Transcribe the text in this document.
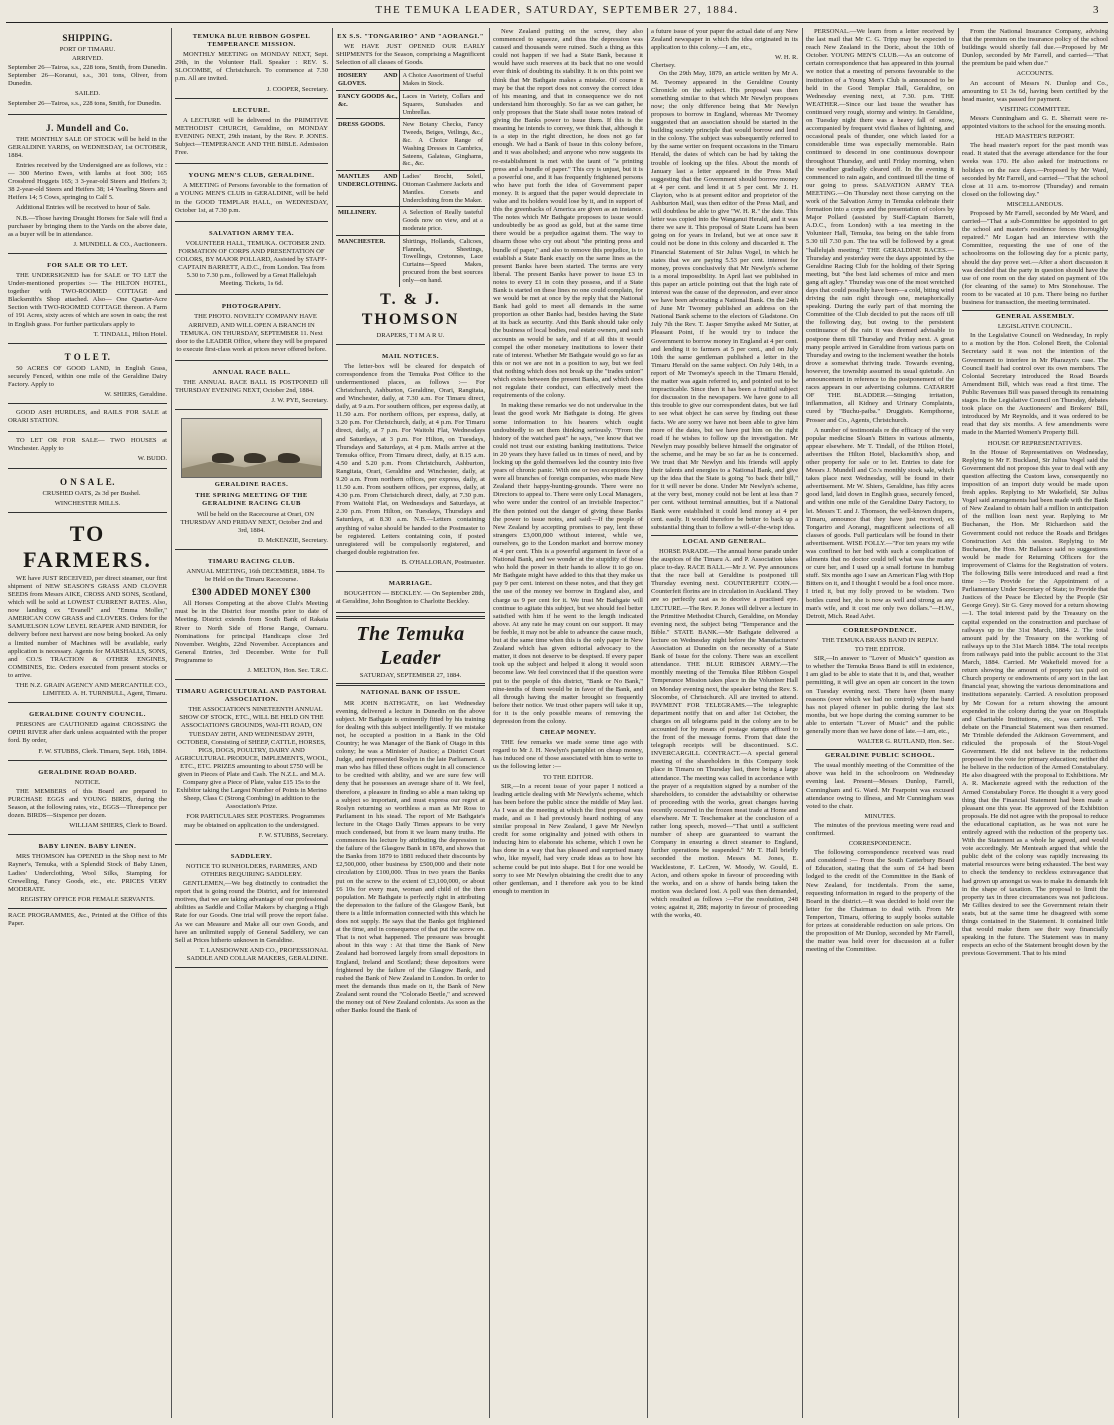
THE TEMUKA LEADER, SATURDAY, SEPTEMBER 27, 1884.	3
SHIPPING.
PORT OF TIMARU.
ARRIVED.

September 26—Tairoa, s.s., 228 tons, Smith, from Dunedin. September 26—Koranui, s.s., 301 tons, Oliver, from Dunedin.

SAILED.

September 26—Tairoa, s.s., 228 tons, Smith, for Dunedin.

J. Mundell and Co.

THE MONTHLY SALE OF STOCK will be held in the GERALDINE YARDS, on WEDNESDAY, 1st OCTOBER, 1884.

Entries received by the Undersigned are as follows, viz :— 300 Merino Ewes, with lambs at foot 300; 165 Crossbred Hoggets 165; 3 3-year-old Steers and Heifers 3; 38 2-year-old Steers and Heifers 38; 14 Yearling Steers and Heifers 14; 5 Cows, springing to Calf 5.

Additional Entries will be received to hour of Sale.

N.B.—Those having Draught Horses for Sale will find a purchaser by bringing them to the Yards on the above date, as a buyer will be in attendance.

J. MUNDELL & CO., Auctioneers.
FOR SALE OR TO LET.

THE UNDERSIGNED has for SALE or TO LET the Under-mentioned properties :— The HILTON HOTEL, together with TWO-ROOMED COTTAGE and Blacksmith's Shop attached. Also— One Quarter-Acre Section with TWO-ROOMED COTTAGE thereon. A Farm of 191 Acres, sixty acres of which are sown in oats; the rest in English grass. For further particulars apply to

T. TINDALL, Hilton Hotel.
T O L E T.

50 ACRES OF GOOD LAND, in English Grass, securely Fenced, within one mile of the Geraldine Dairy Factory. Apply to

W. SHIERS, Geraldine.

GOOD ASH HURDLES, and RAILS FOR SALE at ORARI STATION.

TO LET OR FOR SALE— TWO HOUSES at Winchester. Apply to

W. BUDD.
O N S A L E.

CRUSHED OATS, 2s 3d per Bushel.

WINCHESTER MILLS.
TO FARMERS.

WE have JUST RECEIVED, per direct steamer, our first shipment of NEW SEASON'S GRASS AND CLOVER SEEDS from Messrs AIKE, CROSS AND SONS, Scotland, which will be sold at LOWEST CURRENT RATES. Also, now landing ex "Evanell" and "Emma Moller," AMERICAN COW GRASS and CLOVERS. Orders for the SAMUELSON LOW LEVEL REAPER AND BINDER, for delivery before next harvest are now being booked. As only a limited number of Machines will be available, early application is necessary. Agents for MARSHALLS, SONS, and CO.'S TRACTION & OTHER ENGINES, COMBINES, Etc. Orders executed from present stocks or to arrive.

THE N.Z. GRAIN AGENCY AND MERCANTILE CO., LIMITED. A. H. TURNBULL, Agent, Timaru.
GERALDINE COUNTY COUNCIL.

PERSONS are CAUTIONED against CROSSING the OPIHI RIVER after dark unless acquainted with the proper ford. By order,

F. W. STUBBS, Clerk. Timaru, Sept. 16th, 1884.
GERALDINE ROAD BOARD.
NOTICE.

THE MEMBERS of this Board are prepared to PURCHASE EGGS and YOUNG BIRDS, during the Season, at the following rates, viz., EGGS—Threepence per dozen. BIRDS—Sixpence per dozen.

WILLIAM SHIERS, Clerk to Board.
BABY LINEN. BABY LINEN.

MRS THOMSON has OPENED in the Shop next to Mr Rayner's, Temuka, with a Splendid Stock of Baby Linen, Ladies' Underclothing, Wool Silks, Stamping for Crewelling, Fancy Goods, etc., etc. PRICES VERY MODERATE.

REGISTRY OFFICE FOR FEMALE SERVANTS.

RACE PROGRAMMES, &c., Printed at the Office of this Paper.

TEMUKA BLUE RIBBON GOSPEL TEMPERANCE MISSION.

MONTHLY MEETING on MONDAY NEXT, Sept. 29th, in the Volunteer Hall. Speaker : REV. S. SLOCOMBE, of Christchurch. To commence at 7.30 p.m. All are invited.

J. COOPER, Secretary.
LECTURE.

A LECTURE will be delivered in the PRIMITIVE METHODIST CHURCH, Geraldine, on MONDAY EVENING NEXT, 29th instant, by the Rev. P. JONES. Subject—TEMPERANCE AND THE BIBLE. Admission Free.

YOUNG MEN'S CLUB, GERALDINE.

A MEETING of Persons favorable to the formation of a YOUNG MEN'S CLUB in GERALDINE, will be held in the GOOD TEMPLAR HALL, on WEDNESDAY, October 1st, at 7.30 p.m.

SALVATION ARMY TEA.

VOLUNTEER HALL, TEMUKA. OCTOBER 2ND. FORMATION OF CORPS AND PRESENTATION OF COLORS, BY MAJOR POLLARD, Assisted by STAFF-CAPTAIN BARRETT, A.D.C., from London. Tea from 5.30 to 7.30 p.m., followed by a Great Hallelujah Meeting. Tickets, 1s 6d.

PHOTOGRAPHY.

THE PHOTO. NOVELTY COMPANY HAVE ARRIVED, AND WILL OPEN A BRANCH IN TEMUKA. ON THURSDAY, SEPTEMBER 11. Next door to the LEADER Office, where they will be prepared to execute first-class work at prices never offered before.

ANNUAL RACE BALL.

THE ANNUAL RACE BALL IS POSTPONED till THURSDAY EVENING NEXT, October 2nd, 1884.

J. W. PYE, Secretary.
GERALDINE RACES.
THE SPRING MEETING OF THE GERALDINE RACING CLUB

Will be held on the Racecourse at Orari, ON THURSDAY AND FRIDAY NEXT, October 2nd and 3rd, 1884.

D. McKENZIE, Secretary.
TIMARU RACING CLUB.

ANNUAL MEETING, 16th DECEMBER, 1884. To be Held on the Timaru Racecourse.

£300 ADDED MONEY £300

All Horses Competing at the above Club's Meeting must be in the District four months prior to date of Meeting. District extends from South Bank of Rakaia River to North Side of Horse Range, Oamaru. Nominations for principal Handicaps close 3rd November. Weights, 22nd November. Acceptances and General Entries, 3rd December. Write for Full Programme to

J. MELTON, Hon. Sec. T.R.C.
TIMARU AGRICULTURAL AND PASTORAL ASSOCIATION.

THE ASSOCIATION'S NINETEENTH ANNUAL SHOW OF STOCK, ETC., WILL BE HELD ON THE ASSOCIATION'S GROUNDS, WAI-ITI ROAD, ON TUESDAY 28TH, AND WEDNESDAY 29TH, OCTOBER, Consisting of SHEEP, CATTLE, HORSES, PIGS, DOGS, POULTRY, DAIRY AND AGRICULTURAL PRODUCE, IMPLEMENTS, WOOL, ETC., ETC. PRIZES amounting to about £750 will be given in Pieces of Plate and Cash. The N.Z.L. and M.A. Company give a Piece of Plate, value £15 15s to the Exhibitor taking the Largest Number of Points in Merino Sheep, Class C (Strong Combing) in addition to the Association's Prize.

FOR PARTICULARS SEE POSTERS. Programmes may be obtained on application to the undersigned.

F. W. STUBBS, Secretary.
SADDLERY.
NOTICE TO RUNHOLDERS, FARMERS, AND OTHERS REQUIRING SADDLERY.

GENTLEMEN,—We beg distinctly to contradict the report that is going round the District, and for interested motives, that we are taking advantage of our professional abilities as Saddle and Collar Makers by charging a High Rate for our Goods. One trial will prove the report false. As we can Measure and Make all our own Goods, and have an unlimited supply of General Saddlery, we can Sell at Prices hitherto unknown in Geraldine.

T. LANSDOWNE AND CO., PROFESSIONAL SADDLE AND COLLAR MAKERS, GERALDINE.
EX S.S. "TONGARIRO" AND "AORANGI."

WE HAVE JUST OPENED OUR EARLY SHIPMENTS for the Season, comprising a Magnificent Selection of all classes of Goods.

HOSIERY AND GLOVES.	A Choice Assortment of Useful Makes in Stock.
FANCY GOODS &c., &c.	Laces in Variety, Collars and Squares, Sunshades and Umbrellas.
DRESS GOODS.	New Botany Checks, Fancy Tweeds, Beiges, Veilings, &c., &c. A Choice Range of Washing Dresses in Cambrics, Sateens, Galateas, Ginghams, &c., &c.
MANTLES AND UNDERCLOTHING.	Ladies' Brocht, Soleil, Ottoman Cashmere Jackets and Mantles. Corsets and Underclothing from the Maker.
MILLINERY.	A Selection of Really tasteful Goods now on view, and at a moderate price.
MANCHESTER.	Shirtings, Hollands, Calicoes, Flannels, Sheetings, Towellings, Cretonnes, Lace Curtains—Speed Makes, procured from the best sources only—on hand.
T. & J. THOMSON
DRAPERS, T I M A R U.
MAIL NOTICES.

The letter-box will be cleared for despatch of correspondence from the Temuka Post Office to the undermentioned places, as follows :— For Christchurch, Ashburton, Geraldine, Orari, Rangitata, and Winchester, daily, at 7.30 a.m. For Timaru direct, daily, at 9 a.m. For southern offices, per express daily, at 11.50 a.m. For northern offices, per express, daily, at 3.20 p.m. For Christchurch, daily, at 4 p.m. For Timaru direct, daily, at 7 p.m. For Waitohi Flat, Wednesdays and Saturdays, at 3 p.m. For Hilton, on Tuesdays, Thursdays and Saturdays, at 4 p.m. Mails arrive at the Temuka office, From Timaru direct, daily, at 8.15 a.m. 4.50 and 5.20 p.m. From Christchurch, Ashburton, Rangitata, Orari, Geraldine and Winchester, daily, at 9.20 a.m. From northern offices, per express, daily, at 11.50 a.m. From southern offices, per express, daily, at 4.30 p.m. From Christchurch direct, daily, at 7.30 p.m. From Waitohi Flat, on Wednesdays and Saturdays, at 2.30 p.m. From Hilton, on Tuesdays, Thursdays and Saturdays, at 8.30 a.m. N.B.—Letters containing anything of value should be handed to the Postmaster to be registered. Letters containing coin, if posted unregistered will be compulsorily registered, and charged double registration fee.

B. O'HALLORAN, Postmaster.
MARRIAGE.

BOUGHTON — BECKLEY. — On September 28th, at Geraldine, John Boughton to Charlotte Beckley.

The Temuka Leader
SATURDAY, SEPTEMBER 27, 1884.
NATIONAL BANK OF ISSUE.

MR JOHN BATHGATE, on last Wednesday evening, delivered a lecture in Dunedin on the above subject. Mr Bathgate is eminently fitted by his training for dealing with this subject intelligently. If we mistake not, he occupied a position in a Bank in the Old Country; he was Manager of the Bank of Otago in this colony; he was a Minister of Justice; a District Court Judge, and represented Roslyn in the late Parliament. A man who has filled these offices ought in all conscience to be credited with ability, and we are sure few will deny that he possesses an average share of it. We feel, therefore, a pleasure in finding so able a man taking up a subject so important, and must express our regret at Roslyn returning so worthless a man as Mr Ross to Parliament in his stead. The report of Mr Bathgate's lecture in the Otago Daily Times appears to be very much condensed, but from it we learn many truths. He commences his lecture by attributing the depression to the failure of the Glasgow Bank in 1878, and shows that the Banks from 1879 to 1881 reduced their discounts by £2,500,000, other business by £500,000 and their note circulation by £100,000. Thus in two years the Banks put on the screw to the extent of £3,100,000, or about £6 10s for every man, woman and child of the then population. Mr Bathgate is perfectly right in attributing the depression to the failure of the Glasgow Bank, but there is a little information connected with this which he does not supply. He says that the Banks got frightened at the time, and in consequence of that put the screw on. That is not what happened. The pressure was brought about in this way : At that time the Bank of New Zealand had borrowed largely from small depositors in England, Ireland and Scotland; these depositors were frightened by the failure of the Glasgow Bank, and rushed the Bank of New Zealand in London. In order to meet the demands thus made on it, the Bank of New Zealand sent round the "Colorado Beetle," and screwed the money out of New Zealand colonists. As soon as the other Banks found the Bank of

New Zealand putting on the screw, they also commenced to squeeze, and thus the depression was caused and thousands were ruined. Such a thing as this could not happen if we had a State Bank, because it would have such reserves at its back that no one would ever think of doubting its stability. It is on this point we think that Mr Bathgate makes a mistake. Of course it may be that the report does not convey the correct idea of his meaning, and that in consequence we do not understand him thoroughly. So far as we can gather, he only proposes that the State shall issue notes instead of giving the Banks power to issue them. If this is the meaning he intends to convey, we think that, although it is a step in the right direction, he does not go far enough. We had a Bank of Issue in this colony before, and it was abolished; and anyone who now suggests its re-establishment is met with the taunt of "a printing press and a bundle of paper." This cry is unjust, but it is a powerful one, and it has frequently frightened persons who have put forth the idea of Government paper money. It is argued that the paper would depreciate in value and its holders would lose by it, and in support of this the greenbacks of America are given as an instance. The notes which Mr Bathgate proposes to issue would undoubtedly be as good as gold, but at the same time there would be a prejudice against them. The way to disarm those who cry out about "the printing press and bundle of paper," and also to remove this prejudice, is to establish a State Bank exactly on the same lines as the present Banks have been started. The terms are very liberal. The present Banks have power to issue £3 in notes to every £1 in coin they possess, and if a State Bank is started on these lines no one could complain, for we would be met at once by the reply that the National Bank had gold to meet all demands in the same proportion as other Banks had, besides having the State at its back as security. And this Bank should take only the business of local bodies, real estate owners, and such accounts as would be safe, and if at all this it would compel the other monetary institutions to lower their rate of interest. Whether Mr Bathgate would go so far as this or not we are not in a position to say, but we feel that nothing which does not break up the "trades union" which exists between the present Banks, and which does not regulate their conduct, can effectively meet the requirements of the colony.

In making these remarks we do not undervalue in the least the good work Mr Bathgate is doing. He gives some information to his hearers which ought undoubtedly to set them thinking seriously. "From the history of the watched past" he says, "we know that we could not trust our existing banking institutions. Twice in 20 years they have failed us in times of need, and by locking up the gold themselves led the country into five years of chronic panic. With one or two exceptions they were all branches of foreign companies, who made New Zealand their happy-hunting-grounds. There were no Directors to appeal to. There were only Local Managers, who were under the control of an invisible Inspector." He then pointed out the danger of giving these Banks the power to issue notes, and said:—If the people of New Zealand by accepting promises to pay, lent these strangers £3,000,000 without interest, while we, ourselves, go to the London market and borrow money at 4 per cent. This is a powerful argument in favor of a National Bank, and we wonder at the stupidity of those who hold the power in their hands to allow it to go on. Mr Bathgate might have added to this that they make us pay 9 per cent. interest on these notes, and that they get the use of the money we borrow in England also, and charge us 9 per cent for it. We trust Mr Bathgate will continue to agitate this subject, but we should feel better satisfied with him if he went to the length indicated above. At any rate he may count on our support. It may be feeble, it may not be able to advance the cause much, but at the same time when this is the only paper in New Zealand which has given editorial advocacy to the matter, it does not deserve to be despised. If every paper took up the subject and helped it along it would soon become law. We feel convinced that if the question were put to the people of this district, "Bank or No Bank," nine-tenths of them would be in favor of the Bank, and all through having the matter brought so frequently before their notice. We trust other papers will take it up, for it is the only possible means of removing the depression from the colony.

CHEAP MONEY.

THE few remarks we made some time ago with regard to Mr J. H. Newlyn's pamphlet on cheap money, has induced one of those associated with him to write to us the following letter :—

TO THE EDITOR.

SIR,—In a recent issue of your paper I noticed a leading article dealing with Mr Newlyn's scheme, which has been before the public since the middle of May last. As I was at the meeting at which the first proposal was made, and as I had previously heard nothing of any similar proposal in New Zealand, I gave Mr Newlyn credit for some originality and joined with others in inducing him to elaborate his scheme, which I own he has done in a way that has pleased and surprised many who, like myself, had very crude ideas as to how his scheme could be put into shape. But I for one would be sorry to see Mr Newlyn obtaining the credit due to any other gentleman, and I therefore ask you to be kind enough to mention in

a future issue of your paper the actual date of any New Zealand newspaper in which the idea originated in its application to this colony.—I am, etc.,

W. H. R.
Chertsey.

On the 29th May, 1879, an article written by Mr A. M. Twomey appeared in the Geraldine County Chronicle on the subject. His proposal was then something similar to that which Mr Newlyn proposes now; the only difference being that Mr Newlyn proposes to borrow in England, whereas Mr Twomey suggested that an association should be started in the building society principle that would borrow and lend in the colony. The subject was subsequently referred to by the same writer on frequent occasions in the Timaru Herald, the dates of which can be had by taking the trouble of looking up the files. About the month of January last a letter appeared in the Press Mail suggesting that the Government should borrow money at 4 per cent. and lend it at 5 per cent. Mr J. H. Clayton, who is at present editor and proprietor of the Ashburton Mail, was then editor of the Press Mail, and will doubtless be able to give "W. H. R." the date. This letter was copied into the Wanganui Herald, and it was there we saw it. This proposal of State Loans has been going on for years in Ireland, but we at once saw it could not be done in this colony and discarded it. The Financial Statement of Sir Julius Vogel, in which he states that we are paying 5.53 per cent. interest for money, proves conclusively that Mr Newlyn's scheme is a moral impossibility. In April last we published in this paper an article pointing out that the high rate of interest was the cause of the depression, and ever since we have been advocating a National Bank. On the 24th of June Mr Twomey published an address on the National Bank scheme to the electors of Gladstone. On July 7th the Rev. T. Jasper Smythe asked Mr Sutter, at Pleasant Point, if he would try to induce the Government to borrow money in England at 4 per cent. and lending it to farmers at 5 per cent., and on July 10th the same gentleman published a letter in the Timaru Herald on the same subject. On July 14th, in a report of Mr Twomey's speech in the Timaru Herald, the matter was again referred to, and pointed out to be impracticable. Since then it has been a fruitful subject for discussion in the newspapers. We have gone to all this trouble to give our correspondent dates, but we fail to see what object he can serve by finding out these facts. We are sorry we have not been able to give him more of the dates, but we have put him on the right road if he wishes to follow up the investigation. Mr Newlyn may possibly believe himself the originator of the scheme, and he may be so far as he is concerned. We trust that Mr Newlyn and his friends will apply their talents and energies to a National Bank, and give up the idea that the State is going "to back their bill," for it will never be done. Under Mr Newlyn's scheme, at the very best, money could not be lent at less than 7 per cent. without terminal annuities, but if a National Bank were established it could lend money at 4 per cent. easily. It would therefore be better to back up a substantial thing than to follow a will-o'-the-wisp idea.

LOCAL AND GENERAL.

HORSE PARADE.—The annual horse parade under the auspices of the Timaru A. and P. Association takes place to-day. RACE BALL.—Mr J. W. Pye announces that the race ball at Geraldine is postponed till Thursday evening next. COUNTERFEIT COIN.—Counterfeit florins are in circulation in Auckland. They are so perfectly cast as to deceive a practised eye. LECTURE.—The Rev. P. Jones will deliver a lecture in the Primitive Methodist Church, Geraldine, on Monday evening next, the subject being "Temperance and the Bible." STATE BANK.—Mr Bathgate delivered a lecture on Wednesday night before the Manufacturers' Association at Dunedin on the necessity of a State Bank of Issue for the colony. There was an excellent attendance. THE BLUE RIBBON ARMY.—The monthly meeting of the Temuka Blue Ribbon Gospel Temperance Mission takes place in the Volunteer Hall on Monday evening next, the speaker being the Rev. S. Slocombe, of Christchurch. All are invited to attend. PAYMENT FOR TELEGRAMS.—The telegraphic department notify that on and after 1st October, the charges on all telegrams paid in the colony are to be accounted for by means of postage stamps affixed to the front of the message forms. From that date the telegraph receipts will be discontinued. S.C. INVERCARGILL CONTRACT.—A special general meeting of the shareholders in this Company took place in Timaru on Thursday last, there being a large attendance. The meeting was called in accordance with the prayer of a requisition signed by a number of the shareholders, to consider the advisability or otherwise of proceeding with the works, great changes having recently occurred in the frozen meat trade at Home and elsewhere. Mr T. Teschemaker at the conclusion of a rather long speech, moved—"That until a sufficient number of sheep are guaranteed to warrant the Company in ensuring a direct steamer to England, further operations be suspended." Mr T. Hall briefly seconded the motion. Messrs M. Jones, E. Wacklestone, F. LeCren, W. Moody, W. Gould, E. Acton, and others spoke in favour of proceeding with the works, and on a show of hands being taken the motion was declared lost. A poll was then demanded, which resulted as follows :—For the resolution, 248 votes; against it, 288; majority in favour of proceeding with the works, 40.

PERSONAL.—We learn from a letter received by the last mail that Mr C. G. Tripp may be expected to reach New Zealand in the Doric, about the 10th of October. YOUNG MEN'S CLUB.—As an outcome of certain correspondence that has appeared in this journal we notice that a meeting of persons favourable to the institution of a Young Men's Club is announced to be held in the Good Templar Hall, Geraldine, on Wednesday evening next, at 7.30. p.m. THE WEATHER.—Since our last issue the weather has continued very rough, stormy and wintry. In Geraldine, on Tuesday night there was a heavy fall of snow, accompanied by frequent vivid flashes of lightning, and occasional peals of thunder, one which lasted for a considerable time was especially memorable. Rain continued to descend in one continuous downpour throughout Thursday, and until Friday morning, when the weather gradually cleared off. In the evening it commenced to rain again, and continued till the time of our going to press. SALVATION ARMY TEA MEETING.—On Thursday next those carrying on the work of the Salvation Army in Temuka celebrate their formation into a corps and the presentation of colors by Major Pollard (assisted by Staff-Captain Barrett, A.D.C., from London) with a tea meeting in the Volunteer Hall, Temuka, tea being on the table from 5.30 till 7.30 p.m. The tea will be followed by a great "hallelujah meeting." THE GERALDINE RACES.—Thursday and yesterday were the days appointed by the Geraldine Racing Club for the holding of their Spring meeting, but "the best laid schemes of mice and men gang aft agley." Thursday was one of the most wretched days that could possibly have been—a cold, biting wind driving the rain right through one, metaphorically speaking. During the early part of that morning the Committee of the Club decided to put the races off till the following day, but owing to the persistent continuance of the rain it was deemed advisable to postpone them till Thursday and Friday next. A great many people arrived in Geraldine from various parts on Thursday and owing to the inclement weather the hotels drove a somewhat thriving trade. Towards evening, however, the township assumed its usual quietude. An announcement in reference to the postponement of the races appears in our advertising columns. CATARRH OF THE BLADDER.—Stinging irritation, inflammation, all Kidney and Urinary Complaints, cured by "Buchu-paiba." Druggists. Kempthorne, Prosser and Co., Agents, Christchurch.

A number of testimonials re the efficacy of the very popular medicine Sloan's Bitters in various ailments, appear elsewhere. Mr T. Tindall, of the Hilton Hotel, advertises the Hilton Hotel, blacksmith's shop, and other property for sale or to let. Entries to date for Messrs J. Mundell and Co.'s monthly stock sale, which takes place next Wednesday, will be found in their advertisement. Mr W. Shiers, Geraldine, has fifty acres good land, laid down in English grass, securely fenced, and within one mile of the Geraldine Dairy Factory, to let. Messrs T. and J. Thomson, the well-known drapers, Timaru, announce that they have just received, ex Tongariro and Aorangi, magnificent selections of all classes of goods. Full particulars will be found in their advertisement. WISE FOLLY.—"For ten years my wife was confined to her bed with such a complication of ailments that no doctor could tell what was the matter or cure her, and I used up a small fortune in humbug stuff. Six months ago I saw an American Flag with Hop Bitters on it, and I thought I would be a fool once more. I tried it, but my folly proved to be wisdom. Two bottles cured her, she is now as well and strong as any man's wife, and it cost me only two dollars."—H.W., Detroit, Mich. Read Advt.

CORRESPONDENCE.
THE TEMUKA BRASS BAND IN REPLY.
TO THE EDITOR.

SIR,—In answer to "Lover of Music's" question as to whether the Temuka Brass Band is still in existence, I am glad to be able to state that it is, and that, weather permitting, it will give an open air concert in the town on Tuesday evening next. There have (been many reasons (over which we had no control) why the band has not played oftener in public during the last six months, but we hope during the coming summer to be able to entertain "Lover of Music" and the public generally more than we have done of late.—I am, etc.,

WALTER G. RUTLAND, Hon. Sec.
GERALDINE PUBLIC SCHOOL.

The usual monthly meeting of the Committee of the above was held in the schoolroom on Wednesday evening last. Present—Messrs Dunlop, Farrell, Cunningham and G. Ward. Mr Fearpoint was excused attendance owing to illness, and Mr Cunningham was voted to the chair.

MINUTES.

The minutes of the previous meeting were read and confirmed.

CORRESPONDENCE.

The following correspondence received was read and considered :— From the South Canterbury Board of Education, stating that the sum of £4 had been lodged to the credit of the Committee in the Bank of New Zealand, for incidentals. From the same, requesting information in regard to the property of the Board in the district.—It was decided to hold over the letter for the Chairman to deal with. From Mr Temperton, Timaru, offering to supply books suitable for prizes at considerable reduction on sale prices. On the proposition of Mr Dunlop, seconded by Mr Farrell, the matter was held over for discussion at a fuller meeting of the Committee.

From the National Insurance Company, advising that the premium on the insurance policy of the school buildings would shortly fall due.—Proposed by Mr Dunlop, seconded by Mr Farrell, and carried—"That the premium be paid when due."

ACCOUNTS.

An account of Messrs N. Dunlop and Co., amounting to £1 3s 6d, having been certified by the head master, was passed for payment.

VISITING COMMITTEE.

Messrs Cunningham and G. E. Sherratt were re-appointed visitors to the school for the ensuing month.

HEAD MASTER'S REPORT.

The head master's report for the past month was read. It stated that the average attendance for the four weeks was 170. He also asked for instructions re holidays on the race days.—Proposed by Mr Ward, seconded by Mr Farrell, and carried—"That the school close at 11 a.m. to-morrow (Thursday) and remain closed on the following day."

MISCELLANEOUS.

Proposed by Mr Farrell, seconded by Mr Ward, and carried—"That a sub-Committee be appointed to get the school and master's residence fences thoroughly repaired." Mr Logan had an interview with the Committee, requesting the use of one of the schoolrooms on the following day for a picnic party, should the day prove wet.—After a short discussion it was decided that the party in question should have the use of one room on the day stated on payment of 10s (for cleaning of the same) to Mrs Stonehouse. The room to be vacated at 10 p.m. There being no further business for transaction, the meeting terminated.

GENERAL ASSEMBLY.
LEGISLATIVE COUNCIL.

In the Legislative Council on Wednesday, In reply to a motion by the Hon. Colonel Brett, the Colonial Secretary said it was not the intention of the Government to interfere in Mr Pharazyn's case. The Council itself had control over its own members. The Colonial Secretary introduced the Road Boards Amendment Bill, which was read a first time. The Public Revenues Bill was passed through its remaining stages. In the Legislative Council on Thursday, debates took place on the Auctioneers' and Brokers' Bill, introduced by Mr Reynolds, and it was ordered to be read that day six months. A few amendments were made in the Married Women's Property Bill.

HOUSE OF REPRESENTATIVES.

In the House of Representatives on Wednesday, Replying to Mr F. Buckland, Sir Julius Vogel said the Government did not propose this year to deal with any question affecting the Custom laws, consequently no imposition of an import duty would be made upon fresh apples. Replying to Mr Wakefield, Sir Julius Vogel said arrangements had been made with the Bank of New Zealand to obtain half a million in anticipation of the million loan next year. Replying to Mr Buchanan, the Hon. Mr Richardson said the Government could not reduce the Roads and Bridges Construction Act this session. Replying to Mr Buchanan, the Hon. Mr Ballance said no suggestions would be made for Returning Officers for the improvement of Claims for the Registration of voters. The following Bills were introduced and read a first time :—To Provide for the Appointment of a Parliamentary Under Secretary of State; to Provide that Justices of the Peace be Elected by the People (Sir George Grey). Sir G. Grey moved for a return showing—1. The total interest paid by the Treasury on the capital expended on the construction and purchase of railways up to the 31st March, 1884. 2. The total amount paid by the Treasury on the working of railways up to the 31st March 1884. The total receipts from railways paid into the public account to the 31st March, 1884. Carried. Mr Wakefield moved for a return showing the amount of property tax paid on Church property or endowments of any sort in the last financial year, showing the various denominations and institutions separately. Carried. A resolution proposed by Mr Cowan for a return showing the amount expended in the colony during the year on Hospitals and Charitable Institutions, etc., was carried. The debate on the Financial Statement was then resumed. Mr Trimble defended the Atkinson Government, and ridiculed the proposals of the Stout-Vogel Government. He did not believe in the reductions proposed in the vote for primary education; neither did he believe in the reduction of the Armed Constabulary. He also disagreed with the proposal to Exhibitions. Mr A. R. Mackenzie agreed with the reduction of the Armed Constabulary Force. He thought it a very good thing that the Financial Statement had been made a pleasant one this year. He approved of the Exhibition proposals. He did not agree with the proposal to reduce the educational capitation, as he was not sure he entirely agreed with the reduction of the property tax. With the Statement as a whole he agreed, and would vote accordingly. Mr Menteath argued that while the public debt of the colony was rapidly increasing its material resources were being exhausted. The best way to check the tendency to reckless extravagance that had grown up amongst us was to make its demands felt in the shape of taxation. The proposal to limit the property tax in three circumstances was not judicious. Mr Gillies desired to see the Government retain their seats, but at the same time he disagreed with some things contained in the Statement. It contained little that would make them see their way financially speaking in the future. The Statement was in many respects an echo of the Statement brought down by the previous Government. That to his mind
